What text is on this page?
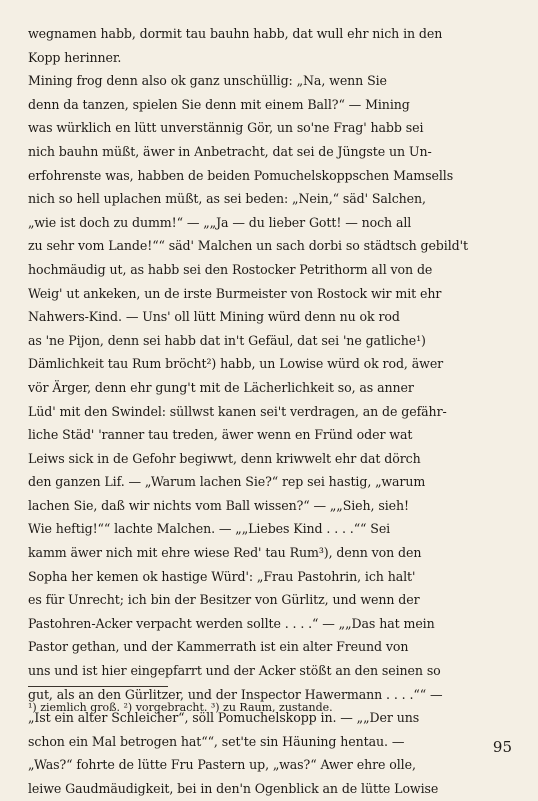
wegnamen habb, dormit tau bauhn habb, dat wull ehr nich in den
Kopp herinner.
Mining frog denn also ok ganz unschüllig: „Na, wenn Sie
denn da tanzen, spielen Sie denn mit einem Ball?“ — Mining
was würklich en lütt unverstännig Gör, un so'ne Frag' habb sei
nich bauhn müßt, äwer in Anbetracht, dat sei de Jüngste un Un-
erfohrenste was, habben de beiden Pomuchelskoppschen Mamsells
nich so hell uplachen müßt, as sei beden: „Nein,“ säd' Salchen,
„wie ist doch zu dumm!“ — „„Ja — du lieber Gott! — noch all
zu sehr vom Lande!““ säd' Malchen un sach dorbi so städtsch gebild't
hochmäudig ut, as habb sei den Rostocker Petrithorm all von de
Weig' ut ankeken, un de irste Burmeister von Rostock wir mit ehr
Nahwers-Kind. — Uns' oll lütt Mining würd denn nu ok rod
as 'ne Pijon, denn sei habb dat in't Gefäul, dat sei 'ne gatliche¹)
Dämlichkeit tau Rum bröcht²) habb, un Lowise würd ok rod, äwer
vör Ärger, denn ehr gung't mit de Lächerlichkeit so, as anner
Lüd' mit den Swindel: süllwst kanen sei't verdragen, an de gefähr-
liche Städ' 'ranner tau treden, äwer wenn en Fründ oder wat
Leiws sick in de Gefohr begiwwt, denn kriwwelt ehr dat dörch
den ganzen Lif. — „Warum lachen Sie?“ rep sei hastig, „warum
lachen Sie, daß wir nichts vom Ball wissen?“ — „„Sieh, sieh!
Wie heftig!““ lachte Malchen. — „„Liebes Kind . . . .““ Sei
kamm äwer nich mit ehre wiese Red' tau Rum³), denn von den
Sopha her kemen ok hastige Würd': „Frau Pastohrin, ich halt'
es für Unrecht; ich bin der Besitzer von Gürlitz, und wenn der
Pastohren-Acker verpacht werden sollte . . . .“ — „„Das hat mein
Pastor gethan, und der Kammerrath ist ein alter Freund von
uns und ist hier eingepfarrt und der Acker stößt an den seinen so
gut, als an den Gürlitzer, und der Inspector Hawermann . . . .““ —
„Ist ein alter Schleicher“, söll Pomuchelskopp in. — „„Der uns
schon ein Mal betrogen hat““, set'te sin Häuning hentau. —
„Was?“ fohrte de lütte Fru Pastern up, „was?“ Awer ehre olle,
leiwe Gaudmäudigkeit, bei in den'n Ogenblick an de lütte Lowise
¹) ziemlich groß. ²) vorgebracht. ³) zu Raum, zustande.
95
